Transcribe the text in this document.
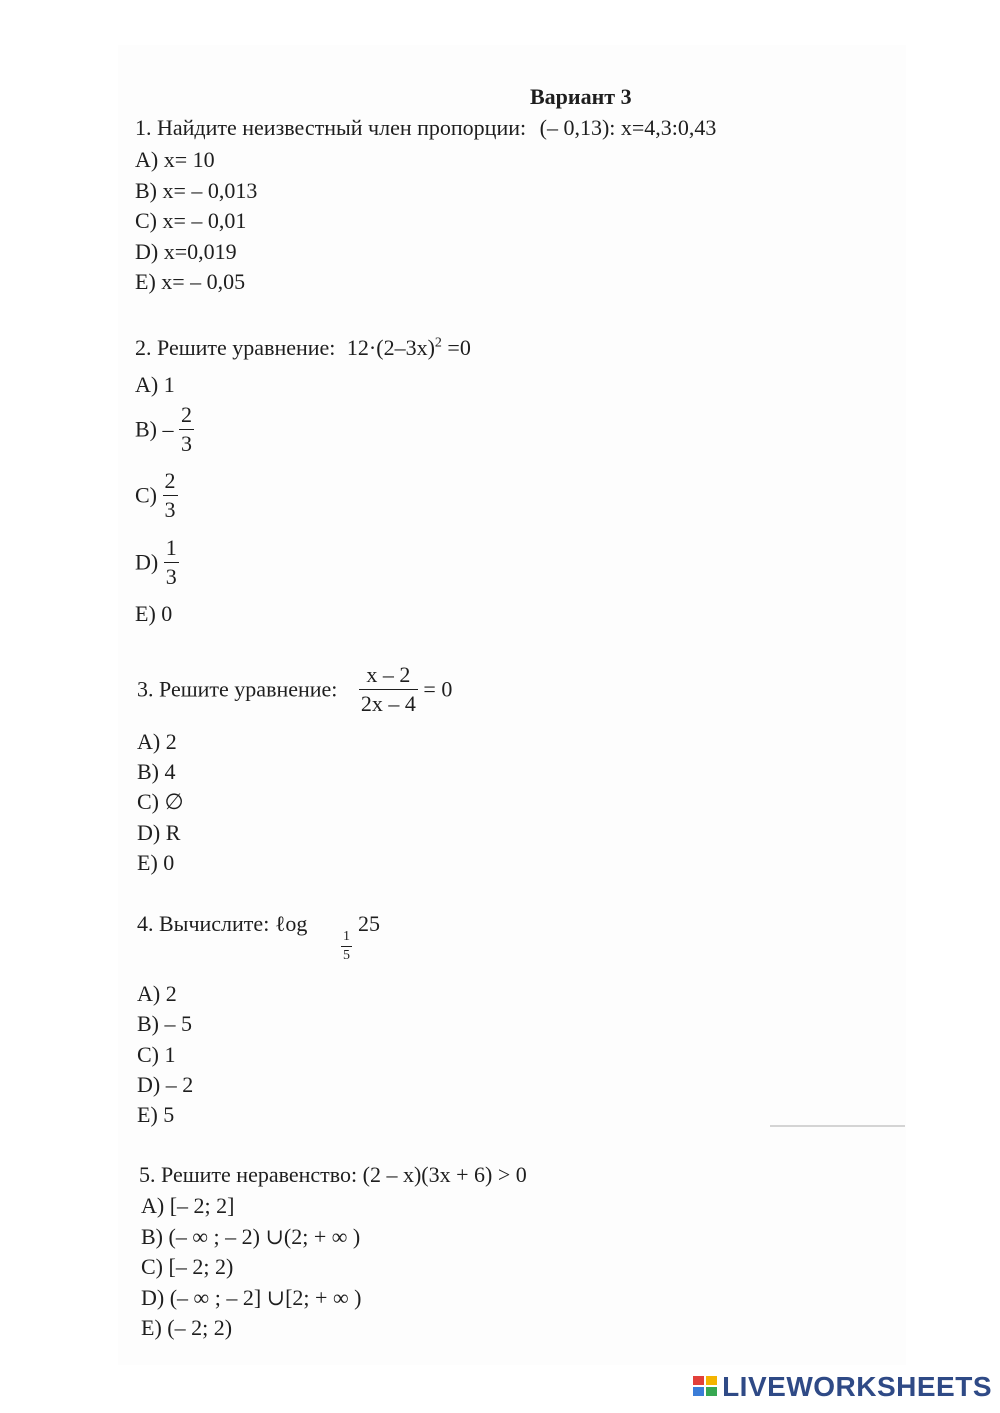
Вариант 3
1. Найдите неизвестный член пропорции: (– 0,13): x=4,3:0,43
A) x= 10
B) x= – 0,013
C) x= – 0,01
D) x=0,019
E) x= – 0,05
2. Решите уравнение: $12\cdot(2-3x)^2 =0$
A) 1
$B) - \frac{2}{3}$
$C) \frac{2}{3}$
$D) \frac{1}{3}$
E) 0
3. Решите уравнение: $\frac{x - 2}{2x - 4} = 0$
A) 2
B) 4
C) ∅
D) R
E) 0
4. Вычислите: ℓog
$\frac{1}{5}$
25
A) 2
B) – 5
C) 1
D) – 2
E) 5
5. Решите неравенство: (2 – x)(3x + 6) > 0
A) [– 2; 2]
B) (– ∞ ; – 2) ∪(2; + ∞ )
C) [– 2; 2)
D) (– ∞ ; – 2] ∪[2; + ∞ )
E) (– 2; 2)
LIVEWORKSHEETS
